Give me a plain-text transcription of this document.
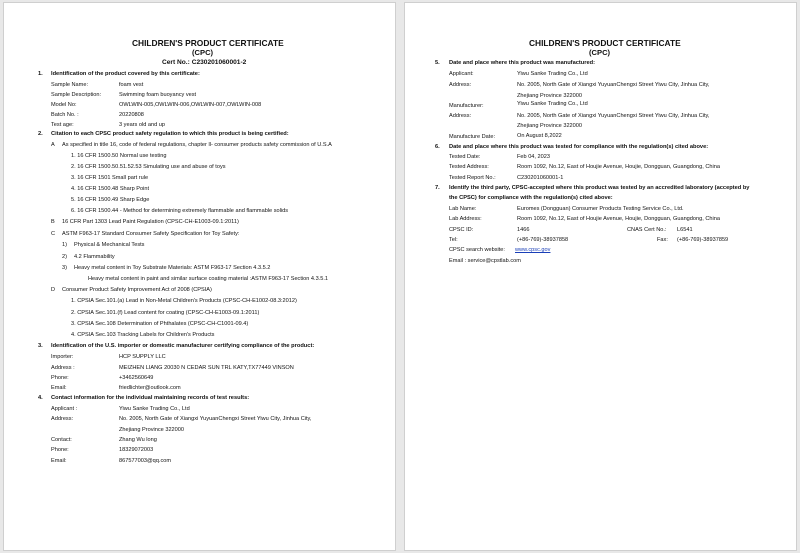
CHILDREN'S PRODUCT CERTIFICATE
(CPC)
Cert No.: C230201060001-2
1. Identification of the product covered by this certificate:
Sample Name:	foam vest
Sample Description:	Swimming foam buoyancy vest
Model No:	OWLWIN-005,OWLWIN-006,OWLWIN-007,OWLWIN-008
Batch No. :	20220808
Test age:	3 years old and up
2. Citation to each CPSC product safety regulation to which this product is being certified:
A As specified in title 16, code of federal regulations, chapter ll- consumer products safety commission of U.S.A
1. 16 CFR 1500.50 Normal use testing
2. 16 CFR 1500.50.51.52.53 Simulating use and abuse of toys
3. 16 CFR 1501 Small part rule
4. 16 CFR 1500.48 Sharp Point
5. 16 CFR 1500.49 Sharp Edge
6. 16 CFR 1500.44 - Method for determining extremely flammable and flammable solids
B 16 CFR Part 1303 Lead Paint Regulation (CPSC-CH-E1003-09.1:2011)
C ASTM F963-17 Standard Consumer Safety Specification for Toy Safety:
1) Physical & Mechanical Tests
2) 4.2 Flammability
3) Heavy metal content in Toy Substrate Materials: ASTM F963-17 Section 4.3.5.2
Heavy metal content in paint and similar surface coating material :ASTM F963-17 Section 4.3.5.1
D Consumer Product Safety Improvement Act of 2008 (CPSIA)
1. CPSIA Sec.101.(a) Lead in Non-Metal Children's Products (CPSC-CH-E1002-08.3:2012)
2. CPSIA Sec.101.(f) Lead content for coating (CPSC-CH-E1003-09.1:2011)
3. CPSIA Sec.108 Determination of Phthalates (CPSC-CH-C1001-09.4)
4. CPSIA Sec.103 Tracking Labels for Children's Products
3. Identification of the U.S. importer or domestic manufacturer certifying compliance of the product:
Importer:	HCP SUPPLY LLC
Address :	MEIZHEN LIANG 20030 N CEDAR SUN TRL KATY,TX77449 VINSON
Phone:	+3462560649
Email:	friedlichter@outlook.com
4. Contact information for the individual maintaining records of test results:
Applicant :	Yiwu Sanke Trading Co., Ltd
Address:	No. 2005, North Gate of Xiangxi YuyuanChengxi Street Yiwu City, Jinhua City,
Zhejiang Province 322000
Contact:	Zhang Wu long
Phone:	18329072003
Email:	867577003@qq.com
CHILDREN'S PRODUCT CERTIFICATE
(CPC)
5. Date and place where this product was manufactured:
Applicant:	Yiwu Sanke Trading Co., Ltd
Address:	No. 2005, North Gate of Xiangxi YuyuanChengxi Street Yiwu City, Jinhua City,
Zhejiang Province 322000
Manufacturer:	Yiwu Sanke Trading Co., Ltd
Address:	No. 2005, North Gate of Xiangxi YuyuanChengxi Street Yiwu City, Jinhua City,
Zhejiang Province 322000
Manufacture Date:	On August 8,2022
6. Date and place where this product was tested for compliance with the regulation(s) cited above:
Tested Date:	Feb 04, 2023
Tested Address:	Room 1092, No.12, East of Houjie Avenue, Houjie, Dongguan, Guangdong, China
Tested Report No.:	C230201060001-1
7. Identify the third party, CPSC-accepted where this product was tested by an accredited laboratory (accepted by
the CPSC) for compliance with the regulation(s) cited above:
Lab Name:	Euromes (Dongguan) Consumer Products Testing Service Co., Ltd.
Lab Address:	Room 1092, No.12, East of Houjie Avenue, Houjie, Dongguan, Guangdong, China
CPSC ID:	1466	CNAS Cert No.: L6541
Tel:	(+86-769)-38937858	Fax: (+86-769)-38937859
CPSC search website: www.cpsc.gov
Email : service@cpstlab.com
